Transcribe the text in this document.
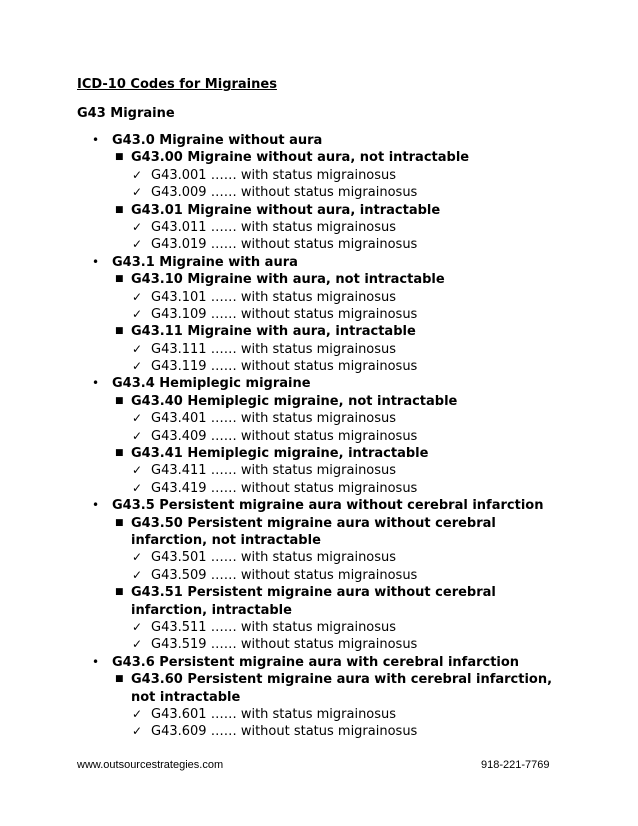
ICD-10 Codes for Migraines
G43 Migraine
• G43.0 Migraine without aura
■ G43.00 Migraine without aura, not intractable
✓ G43.001 …… with status migrainosus
✓ G43.009 …… without status migrainosus
■ G43.01 Migraine without aura, intractable
✓ G43.011 …… with status migrainosus
✓ G43.019 …… without status migrainosus
• G43.1 Migraine with aura
■ G43.10 Migraine with aura, not intractable
✓ G43.101 …… with status migrainosus
✓ G43.109 …… without status migrainosus
■ G43.11 Migraine with aura, intractable
✓ G43.111 …… with status migrainosus
✓ G43.119 …… without status migrainosus
• G43.4 Hemiplegic migraine
■ G43.40 Hemiplegic migraine, not intractable
✓ G43.401 …… with status migrainosus
✓ G43.409 …… without status migrainosus
■ G43.41 Hemiplegic migraine, intractable
✓ G43.411 …… with status migrainosus
✓ G43.419 …… without status migrainosus
• G43.5 Persistent migraine aura without cerebral infarction
■ G43.50 Persistent migraine aura without cerebral infarction, not intractable
✓ G43.501 …… with status migrainosus
✓ G43.509 …… without status migrainosus
■ G43.51 Persistent migraine aura without cerebral infarction, intractable
✓ G43.511 …… with status migrainosus
✓ G43.519 …… without status migrainosus
• G43.6 Persistent migraine aura with cerebral infarction
■ G43.60 Persistent migraine aura with cerebral infarction, not intractable
✓ G43.601 …… with status migrainosus
✓ G43.609 …… without status migrainosus
www.outsourcestrategies.com	918-221-7769
